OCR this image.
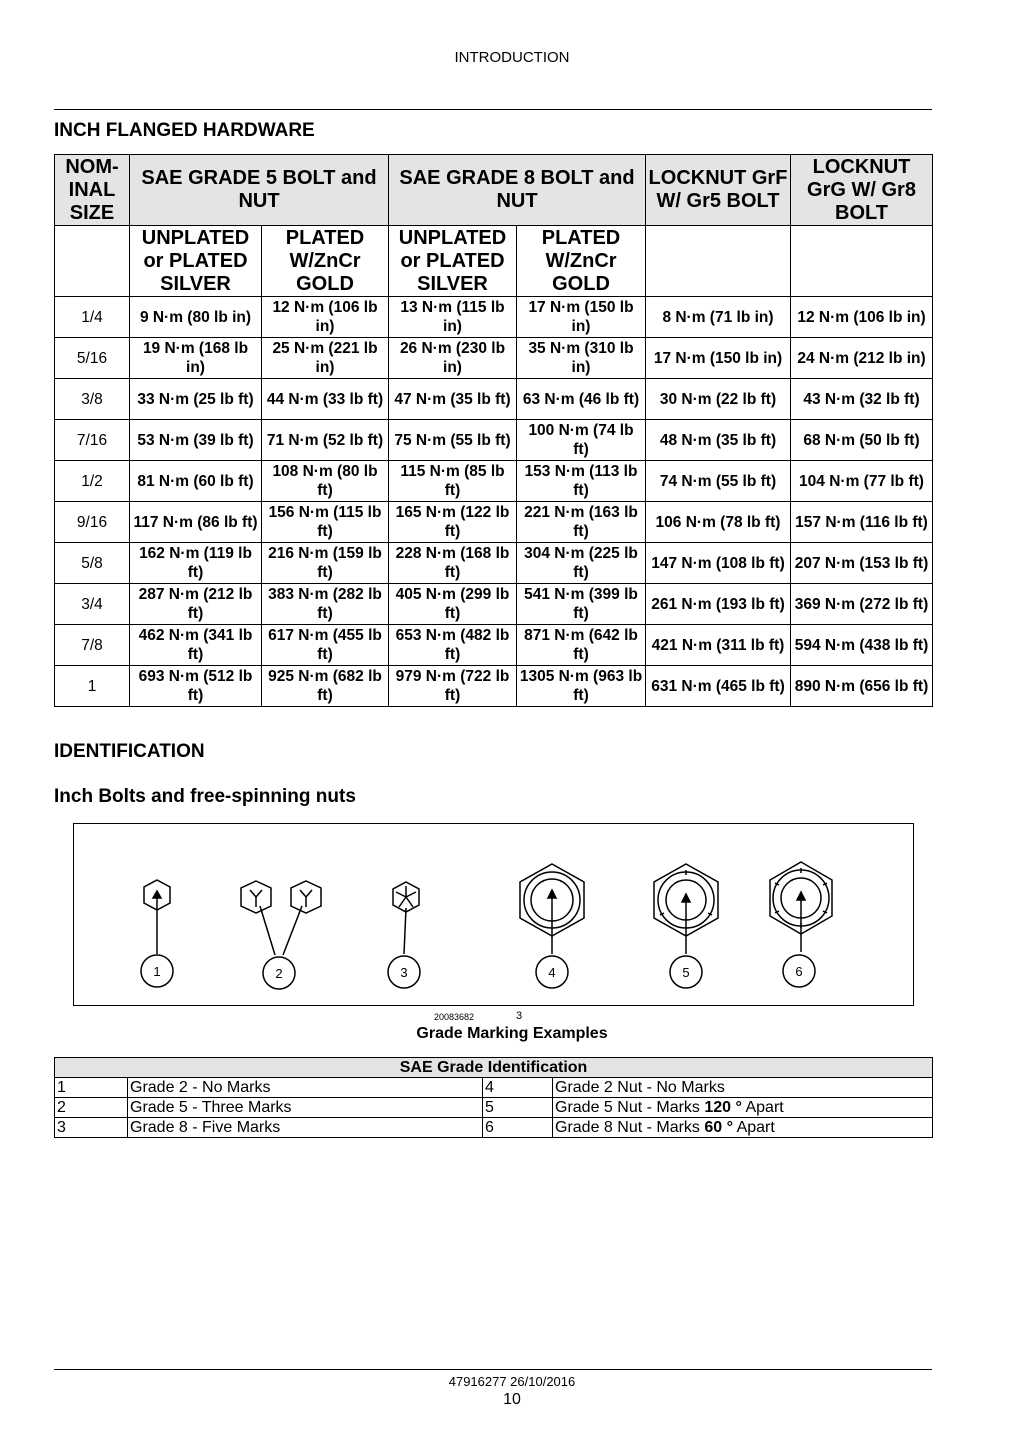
INTRODUCTION
INCH FLANGED HARDWARE
NOM-INAL SIZE	SAE GRADE 5 BOLT and NUT		SAE GRADE 8 BOLT and NUT		LOCKNUT GrF W/ Gr5 BOLT	LOCKNUT GrG W/ Gr8 BOLT
	UNPLATED or PLATED SILVER	PLATED W/ZnCr GOLD	UNPLATED or PLATED SILVER	PLATED W/ZnCr GOLD		
1/4	9 N·m (80 lb in)	12 N·m (106 lb in)	13 N·m (115 lb in)	17 N·m (150 lb in)	8 N·m (71 lb in)	12 N·m (106 lb in)
5/16	19 N·m (168 lb in)	25 N·m (221 lb in)	26 N·m (230 lb in)	35 N·m (310 lb in)	17 N·m (150 lb in)	24 N·m (212 lb in)
3/8	33 N·m (25 lb ft)	44 N·m (33 lb ft)	47 N·m (35 lb ft)	63 N·m (46 lb ft)	30 N·m (22 lb ft)	43 N·m (32 lb ft)
7/16	53 N·m (39 lb ft)	71 N·m (52 lb ft)	75 N·m (55 lb ft)	100 N·m (74 lb ft)	48 N·m (35 lb ft)	68 N·m (50 lb ft)
1/2	81 N·m (60 lb ft)	108 N·m (80 lb ft)	115 N·m (85 lb ft)	153 N·m (113 lb ft)	74 N·m (55 lb ft)	104 N·m (77 lb ft)
9/16	117 N·m (86 lb ft)	156 N·m (115 lb ft)	165 N·m (122 lb ft)	221 N·m (163 lb ft)	106 N·m (78 lb ft)	157 N·m (116 lb ft)
5/8	162 N·m (119 lb ft)	216 N·m (159 lb ft)	228 N·m (168 lb ft)	304 N·m (225 lb ft)	147 N·m (108 lb ft)	207 N·m (153 lb ft)
3/4	287 N·m (212 lb ft)	383 N·m (282 lb ft)	405 N·m (299 lb ft)	541 N·m (399 lb ft)	261 N·m (193 lb ft)	369 N·m (272 lb ft)
7/8	462 N·m (341 lb ft)	617 N·m (455 lb ft)	653 N·m (482 lb ft)	871 N·m (642 lb ft)	421 N·m (311 lb ft)	594 N·m (438 lb ft)
1	693 N·m (512 lb ft)	925 N·m (682 lb ft)	979 N·m (722 lb ft)	1305 N·m (963 lb ft)	631 N·m (465 lb ft)	890 N·m (656 lb ft)
IDENTIFICATION
Inch Bolts and free-spinning nuts
1	2	3	4	5	6
20083682	3
Grade Marking Examples
SAE Grade Identification			
1	Grade 2 - No Marks	4	Grade 2 Nut - No Marks
2	Grade 5 - Three Marks	5	Grade 5 Nut - Marks 120 ° Apart
3	Grade 8 - Five Marks	6	Grade 8 Nut - Marks 60 ° Apart
47916277 26/10/2016
10
